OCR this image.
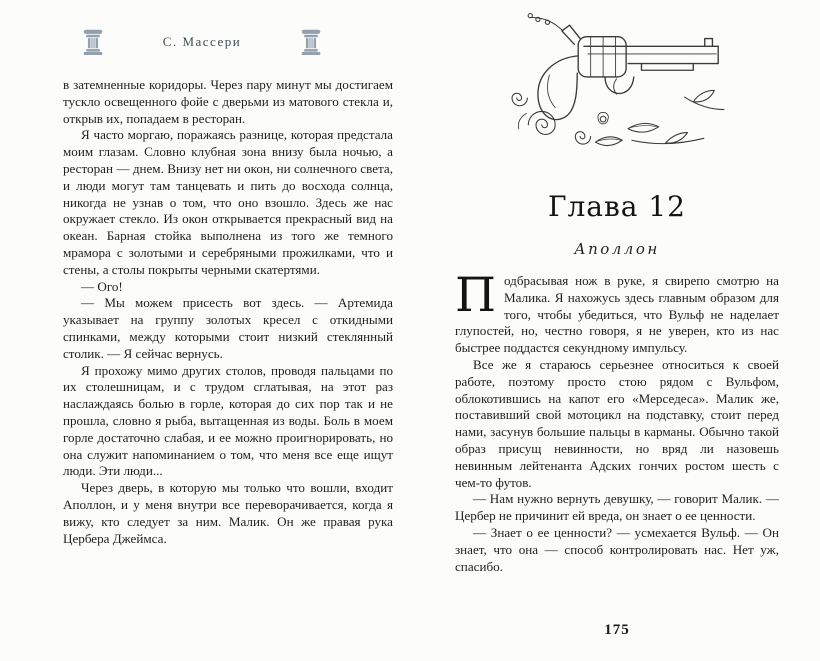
С. Массери

в затемненные коридоры. Через пару минут мы достигаем тускло освещенного фойе с дверьми из матового стекла и, открыв их, попадаем в ресторан.

Я часто моргаю, поражаясь разнице, которая предстала моим глазам. Словно клубная зона внизу была ночью, а ресторан — днем. Внизу нет ни окон, ни солнечного света, и люди могут там танцевать и пить до восхода солнца, никогда не узнав о том, что оно взошло. Здесь же нас окружает стекло. Из окон открывается прекрасный вид на океан. Барная стойка выполнена из того же темного мрамора с золотыми и серебряными прожилками, что и стены, а столы покрыты черными скатертями.

— Ого!

— Мы можем присесть вот здесь. — Артемида указывает на группу золотых кресел с откидными спинками, между которыми стоит низкий стеклянный столик. — Я сейчас вернусь.

Я прохожу мимо других столов, проводя пальцами по их столешницам, и с трудом сглатывая, на этот раз наслаждаясь болью в горле, которая до сих пор так и не прошла, словно я рыба, вытащенная из воды. Боль в моем горле достаточно слабая, и ее можно проигнорировать, но она служит напоминанием о том, что меня все еще ищут люди. Эти люди...

Через дверь, в которую мы только что вошли, входит Аполлон, и у меня внутри все переворачивается, когда я вижу, кто следует за ним. Малик. Он же правая рука Цербера Джеймса.

Глава 12
Аполлон

Подбрасывая нож в руке, я свирепо смотрю на Малика. Я нахожусь здесь главным образом для того, чтобы убедиться, что Вульф не наделает глупостей, но, честно говоря, я не уверен, кто из нас быстрее поддастся секундному импульсу.

Все же я стараюсь серьезнее относиться к своей работе, поэтому просто стою рядом с Вульфом, облокотившись на капот его «Мерседеса». Малик же, поставивший свой мотоцикл на подставку, стоит перед нами, засунув большие пальцы в карманы. Обычно такой образ присущ невинности, но вряд ли назовешь невинным лейтенанта Адских гончих ростом шесть с чем-то футов.

— Нам нужно вернуть девушку, — говорит Малик. — Цербер не причинит ей вреда, он знает о ее ценности.

— Знает о ее ценности? — усмехается Вульф. — Он знает, что она — способ контролировать нас. Нет уж, спасибо.

175
